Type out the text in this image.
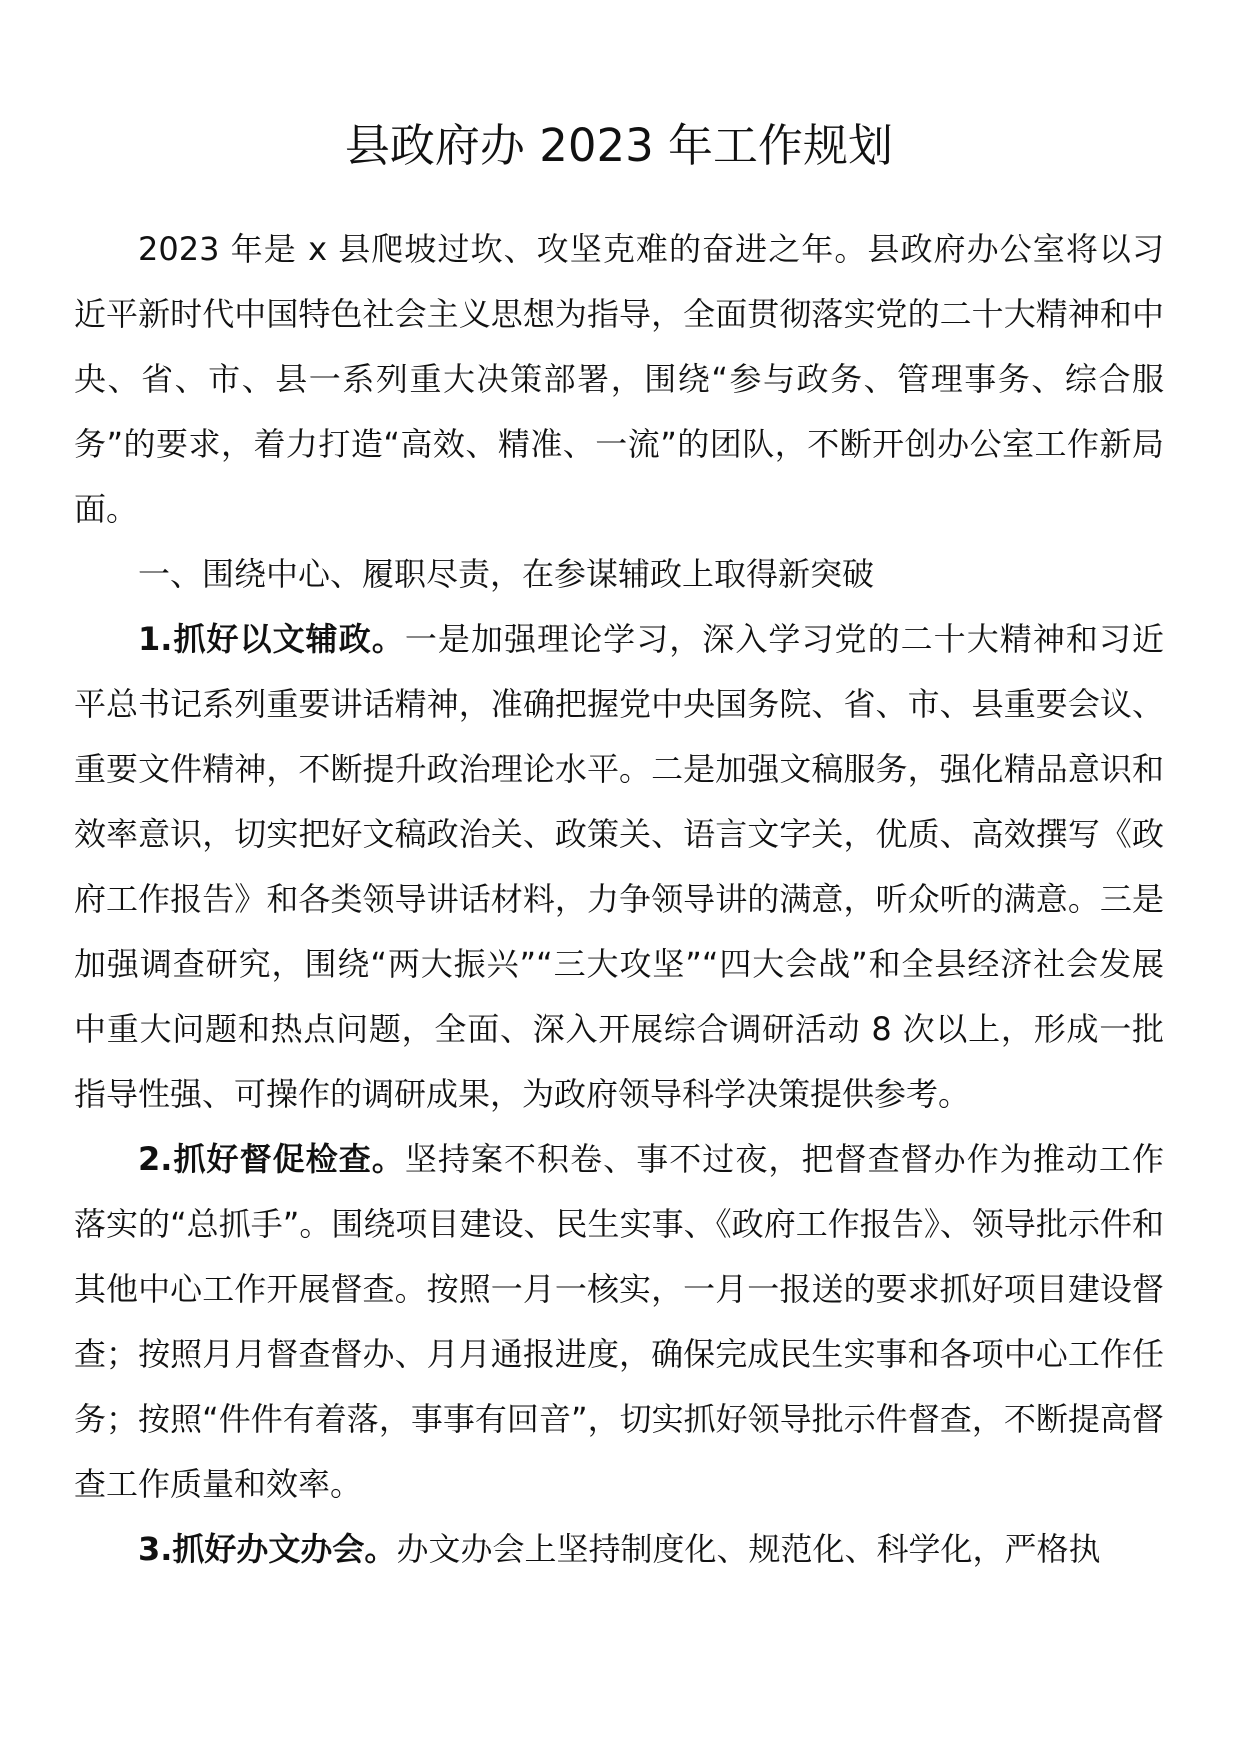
县政府办 2023 年工作规划

2023 年是 x 县爬坡过坎、攻坚克难的奋进之年。县政府办公室将以习近平新时代中国特色社会主义思想为指导，全面贯彻落实党的二十大精神和中央、省、市、县一系列重大决策部署，围绕“参与政务、管理事务、综合服务”的要求，着力打造“高效、精准、一流”的团队，不断开创办公室工作新局面。

一、围绕中心、履职尽责，在参谋辅政上取得新突破

1.抓好以文辅政。一是加强理论学习，深入学习党的二十大精神和习近平总书记系列重要讲话精神，准确把握党中央国务院、省、市、县重要会议、重要文件精神，不断提升政治理论水平。二是加强文稿服务，强化精品意识和效率意识，切实把好文稿政治关、政策关、语言文字关，优质、高效撰写《政府工作报告》和各类领导讲话材料，力争领导讲的满意，听众听的满意。三是加强调查研究，围绕“两大振兴”“三大攻坚”“四大会战”和全县经济社会发展中重大问题和热点问题，全面、深入开展综合调研活动 8 次以上，形成一批指导性强、可操作的调研成果，为政府领导科学决策提供参考。

2.抓好督促检查。坚持案不积卷、事不过夜，把督查督办作为推动工作落实的“总抓手”。围绕项目建设、民生实事、《政府工作报告》、领导批示件和其他中心工作开展督查。按照一月一核实，一月一报送的要求抓好项目建设督查；按照月月督查督办、月月通报进度，确保完成民生实事和各项中心工作任务；按照“件件有着落，事事有回音”，切实抓好领导批示件督查，不断提高督查工作质量和效率。

3.抓好办文办会。办文办会上坚持制度化、规范化、科学化，严格执
